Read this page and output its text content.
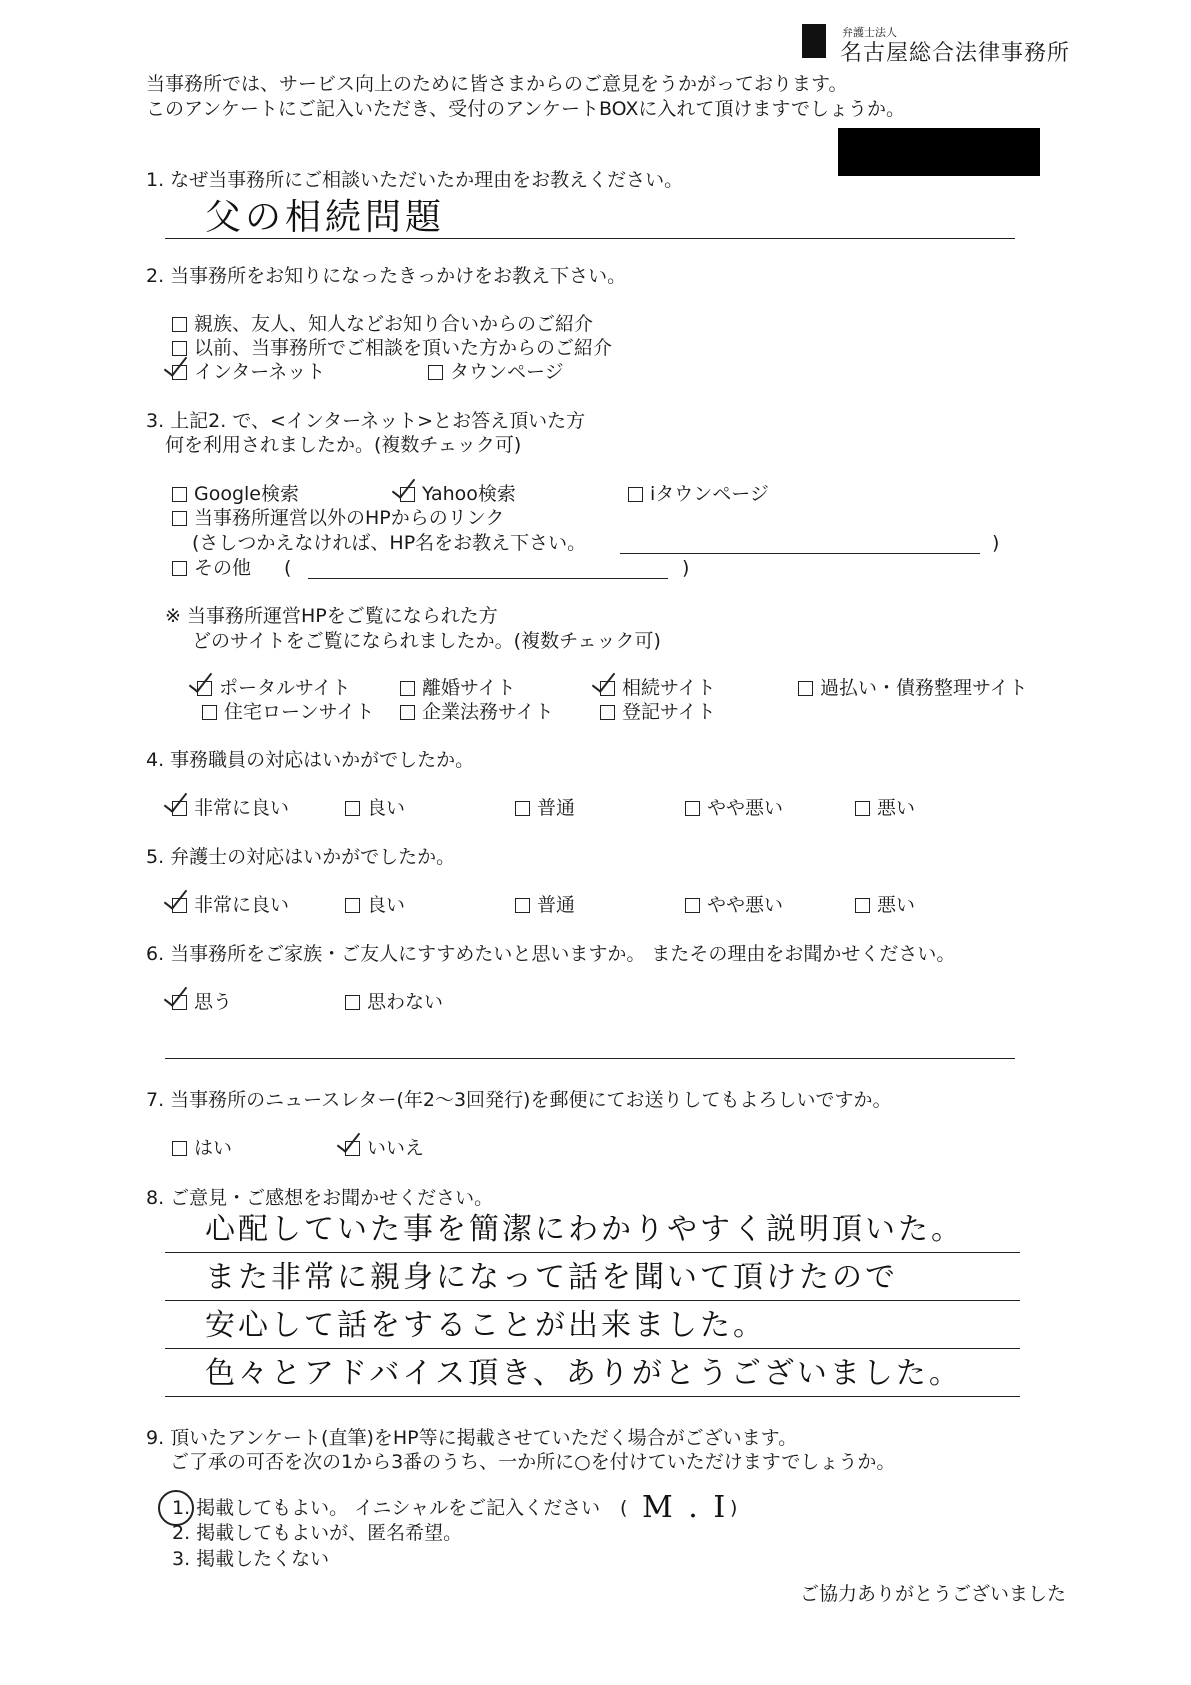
弁護士法人
名古屋総合法律事務所
当事務所では、サービス向上のために皆さまからのご意見をうかがっております。
このアンケートにご記入いただき、受付のアンケートBOXに入れて頂けますでしょうか。
1. なぜ当事務所にご相談いただいたか理由をお教えください。
父の相続問題
2. 当事務所をお知りになったきっかけをお教え下さい。
親族、友人、知人などお知り合いからのご紹介
以前、当事務所でご相談を頂いた方からのご紹介
インターネット	タウンページ
3. 上記2. で、<インターネット>とお答え頂いた方
何を利用されましたか。(複数チェック可)
Google検索	Yahoo検索	iタウンページ
当事務所運営以外のHPからのリンク
(さしつかえなければ、HP名をお教え下さい。	)
その他 (	)
※ 当事務所運営HPをご覧になられた方
どのサイトをご覧になられましたか。(複数チェック可)
ポータルサイト	離婚サイト	相続サイト	過払い・債務整理サイト
住宅ローンサイト	企業法務サイト	登記サイト
4. 事務職員の対応はいかがでしたか。
非常に良い	良い	普通	やや悪い	悪い
5. 弁護士の対応はいかがでしたか。
非常に良い	良い	普通	やや悪い	悪い
6. 当事務所をご家族・ご友人にすすめたいと思いますか。 またその理由をお聞かせください。
思う	思わない
7. 当事務所のニュースレター(年2～3回発行)を郵便にてお送りしてもよろしいですか。
はい	いいえ
8. ご意見・ご感想をお聞かせください。
心配していた事を簡潔にわかりやすく説明頂いた。
また非常に親身になって話を聞いて頂けたので
安心して話をすることが出来ました。
色々とアドバイス頂き、ありがとうございました。
9. 頂いたアンケート(直筆)をHP等に掲載させていただく場合がございます。
ご了承の可否を次の1から3番のうち、一か所に○を付けていただけますでしょうか。
1. 掲載してもよい。 イニシャルをご記入ください ( M . I )
2. 掲載してもよいが、匿名希望。
3. 掲載したくない
ご協力ありがとうございました
